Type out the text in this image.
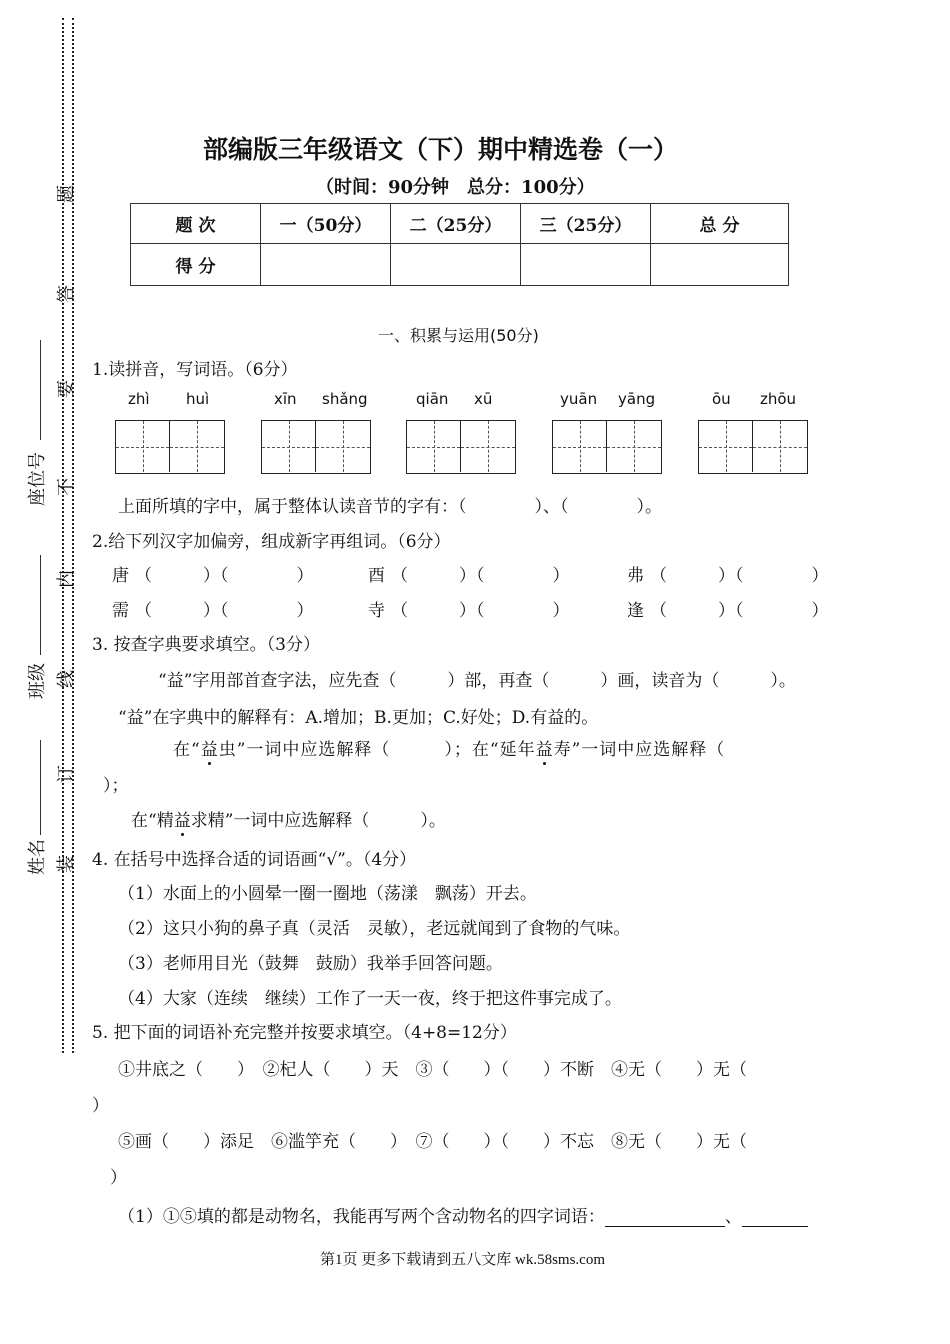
装
订
线
内
不
要
答
题
姓名
班级
座位号
部编版三年级语文（下）期中精选卷（一）
（时间：90分钟　总分：100分）
题 次	一（50分）	二（25分）	三（25分）	总 分
得 分				
一、积累与运用(50分)
1.读拼音，写词语。（6分）
zhì huì	xīn shǎng	qiān xū	yuān yāng	ōu zhōu
上面所填的字中，属于整体认读音节的字有：（　　　　）、（　　　　）。
2.给下列汉字加偏旁，组成新字再组词。（6分）
唐 （　　　）（　　　　）	酉 （　　　）（　　　　）	弗 （　　　）（　　　　）
需 （　　　）（　　　　）	寺 （　　　）（　　　　）	逢 （　　　）（　　　　）
3. 按查字典要求填空。（3分）
“益”字用部首查字法，应先查（　　　）部，再查（　　　）画，读音为（　　　）。
“益”在字典中的解释有：A.增加；B.更加；C.好处；D.有益的。
在“益虫”一词中应选解释（　　　）；在“延年益寿”一词中应选解释（
）；
在“精益求精”一词中应选解释（　　　）。
4. 在括号中选择合适的词语画“√”。（4分）
（1）水面上的小圆晕一圈一圈地（荡漾　飘荡）开去。
（2）这只小狗的鼻子真（灵活　灵敏），老远就闻到了食物的气味。
（3）老师用目光（鼓舞　鼓励）我举手回答问题。
（4）大家（连续　继续）工作了一天一夜，终于把这件事完成了。
5. 把下面的词语补充完整并按要求填空。（4+8=12分）
①井底之（　　）　②杞人（　　）天　③（　　）（　　）不断　④无（　　）无（
）
⑤画（　　）添足　⑥滥竽充（　　）　⑦（　　）（　　）不忘　⑧无（　　）无（
）
（1）①⑤填的都是动物名，我能再写两个含动物名的四字词语：	、
第1页 更多下载请到五八文库 wk.58sms.com
